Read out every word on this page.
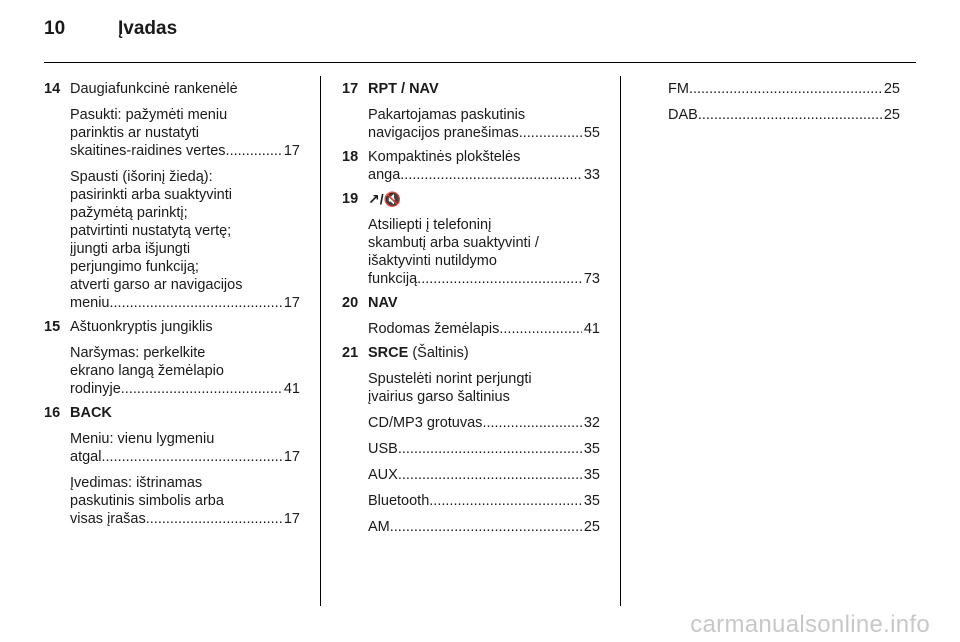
10	Įvadas
14 Daugiafunkcinė rankenėlė
Pasukti: pažymėti meniu
parinktis ar nustatyti
skaitines-raidines vertes .....	17
Spausti (išorinį žiedą):
pasirinkti arba suaktyvinti
pažymėtą parinktį;
patvirtinti nustatytą vertę;
įjungti arba išjungti
perjungimo funkciją;
atverti garso ar navigacijos
meniu .....	17
15 Aštuonkryptis jungiklis
Naršymas: perkelkite
ekrano langą žemėlapio
rodinyje .....	41
16 BACK
Meniu: vienu lygmeniu
atgal .....	17
Įvedimas: ištrinamas
paskutinis simbolis arba
visas įrašas .....	17
17 RPT / NAV
Pakartojamas paskutinis
navigacijos pranešimas .....	55
18 Kompaktinės plokštelės
anga .....	33
19 ↗/🔇
Atsiliepti į telefoninį
skambutį arba suaktyvinti /
išaktyvinti nutildymo
funkciją .....	73
20 NAV
Rodomas žemėlapis .....	41
21 SRCE (Šaltinis)
Spustelėti norint perjungti
įvairius garso šaltinius
CD/MP3 grotuvas .....	32
USB .....	35
AUX .....	35
Bluetooth .....	35
AM .....	25
FM .....	25
DAB .....	25
carmanualsonline.info
